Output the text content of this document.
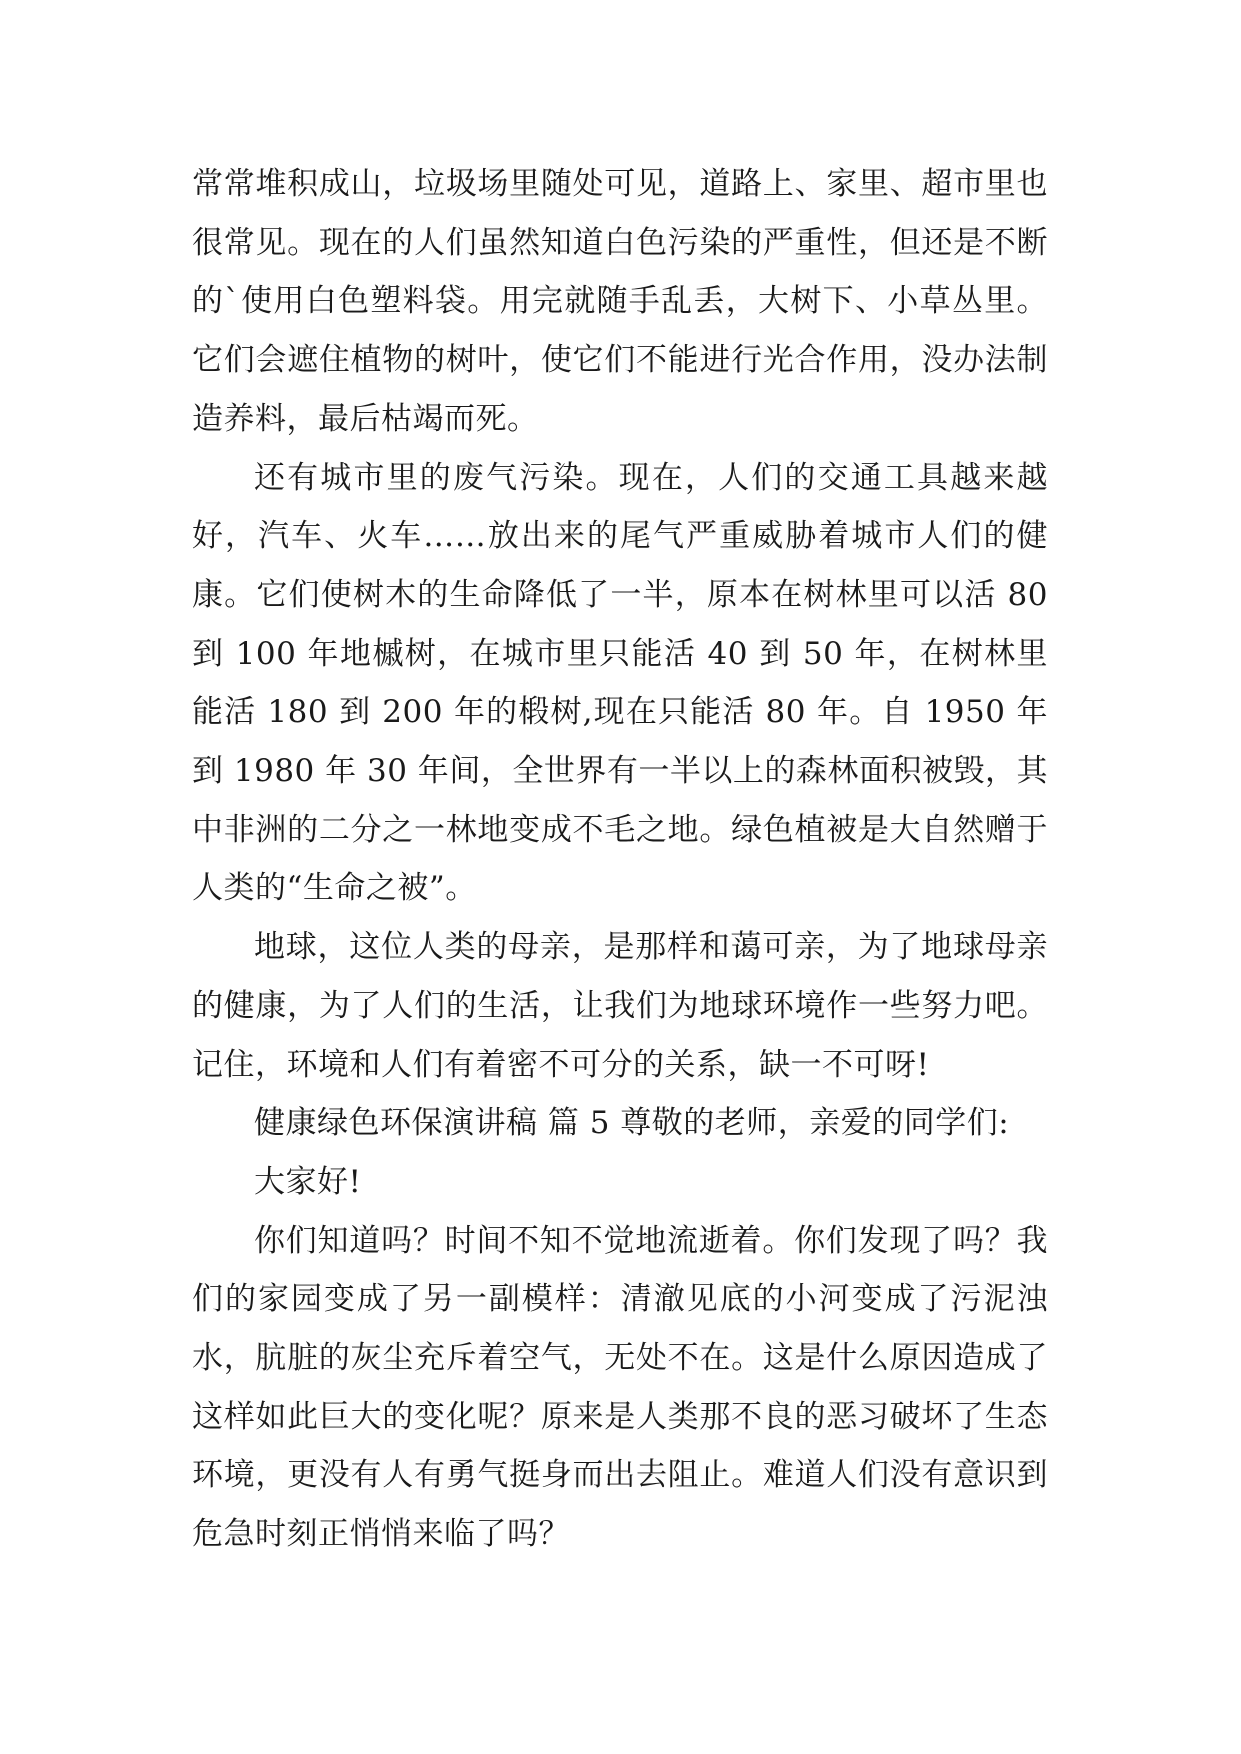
常常堆积成山，垃圾场里随处可见，道路上、家里、超市里也很常见。现在的人们虽然知道白色污染的严重性，但还是不断的`使用白色塑料袋。用完就随手乱丢，大树下、小草丛里。它们会遮住植物的树叶，使它们不能进行光合作用，没办法制造养料，最后枯竭而死。

还有城市里的废气污染。现在，人们的交通工具越来越好，汽车、火车……放出来的尾气严重威胁着城市人们的健康。它们使树木的生命降低了一半，原本在树林里可以活 80 到 100 年地槭树，在城市里只能活 40 到 50 年，在树林里能活 180 到 200 年的椴树,现在只能活 80 年。自 1950 年到 1980 年 30 年间，全世界有一半以上的森林面积被毁，其中非洲的二分之一林地变成不毛之地。绿色植被是大自然赠于人类的“生命之被”。

地球，这位人类的母亲，是那样和蔼可亲，为了地球母亲的健康，为了人们的生活，让我们为地球环境作一些努力吧。记住，环境和人们有着密不可分的关系，缺一不可呀!

健康绿色环保演讲稿 篇 5 尊敬的老师，亲爱的同学们:

大家好!

你们知道吗？时间不知不觉地流逝着。你们发现了吗？我们的家园变成了另一副模样：清澈见底的小河变成了污泥浊水，肮脏的灰尘充斥着空气，无处不在。这是什么原因造成了这样如此巨大的变化呢？原来是人类那不良的恶习破坏了生态环境，更没有人有勇气挺身而出去阻止。难道人们没有意识到危急时刻正悄悄来临了吗？
